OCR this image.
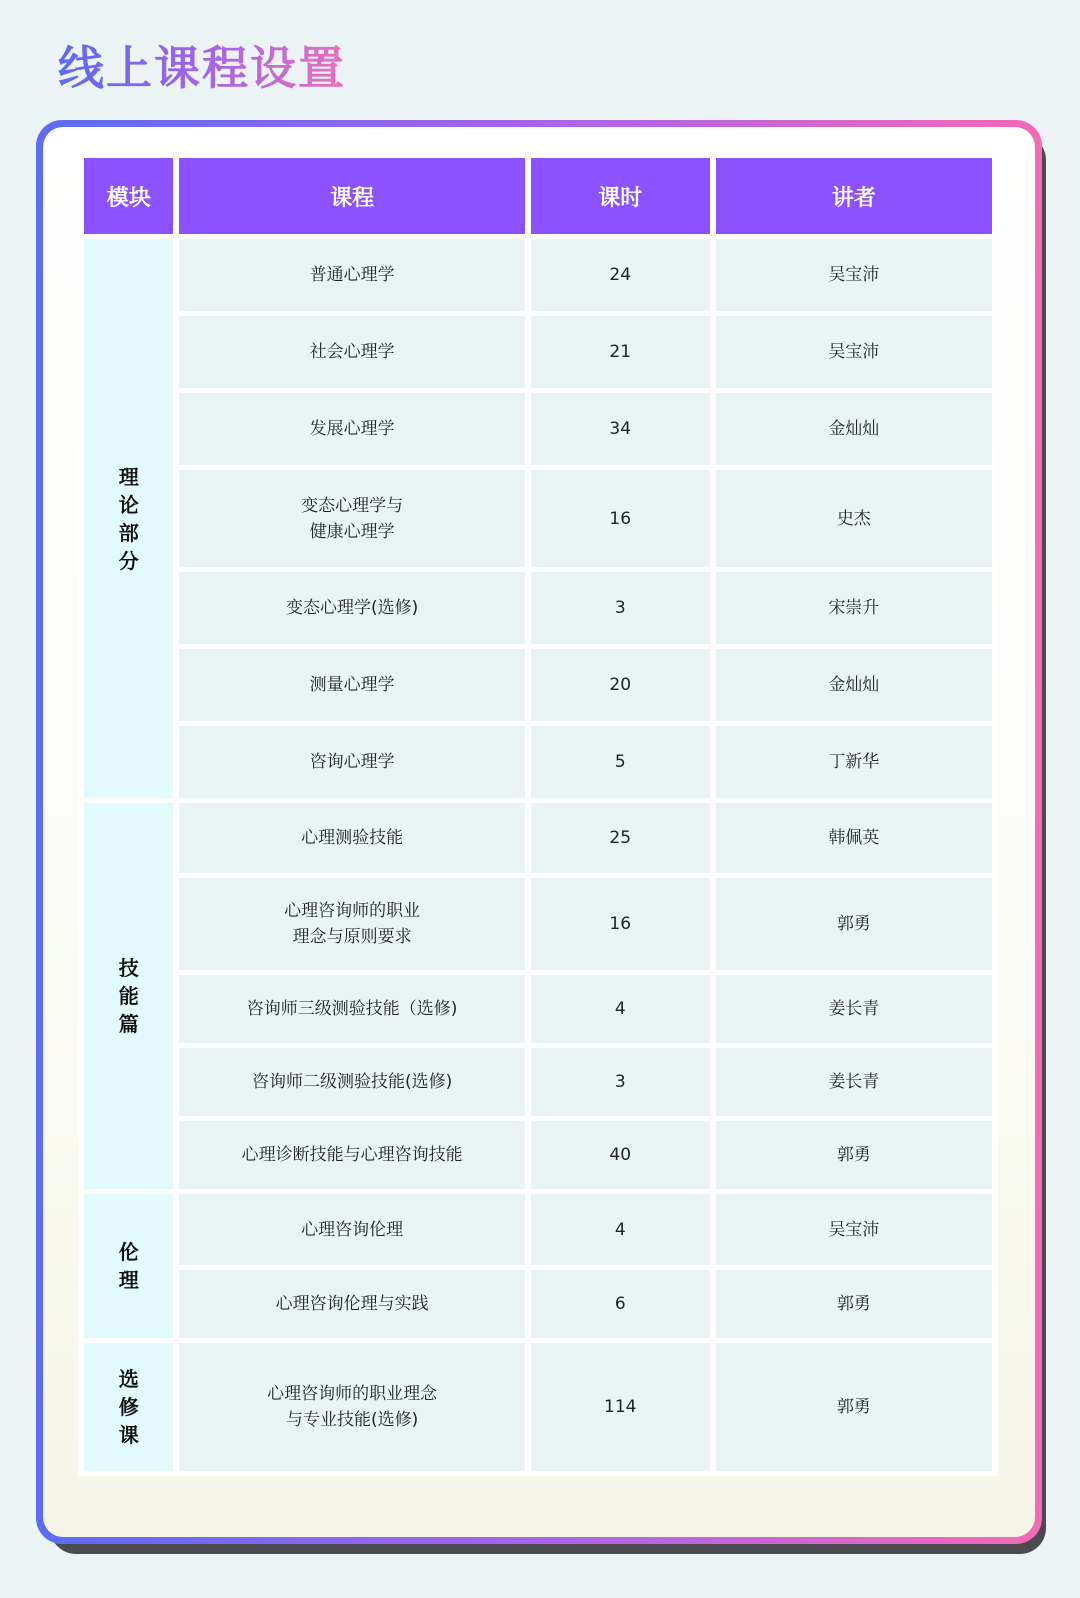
线上课程设置
模块	课程	课时	讲者
理论部分	普通心理学	24	吴宝沛
	社会心理学	21	吴宝沛
	发展心理学	34	金灿灿
	变态心理学与
健康心理学	16	史杰
	变态心理学(选修)	3	宋崇升
	测量心理学	20	金灿灿
	咨询心理学	5	丁新华
技能篇	心理测验技能	25	韩佩英
	心理咨询师的职业
理念与原则要求	16	郭勇
	咨询师三级测验技能（选修)	4	姜长青
	咨询师二级测验技能(选修)	3	姜长青
	心理诊断技能与心理咨询技能	40	郭勇
伦理	心理咨询伦理	4	吴宝沛
	心理咨询伦理与实践	6	郭勇
选修课	心理咨询师的职业理念
与专业技能(选修)	114	郭勇
